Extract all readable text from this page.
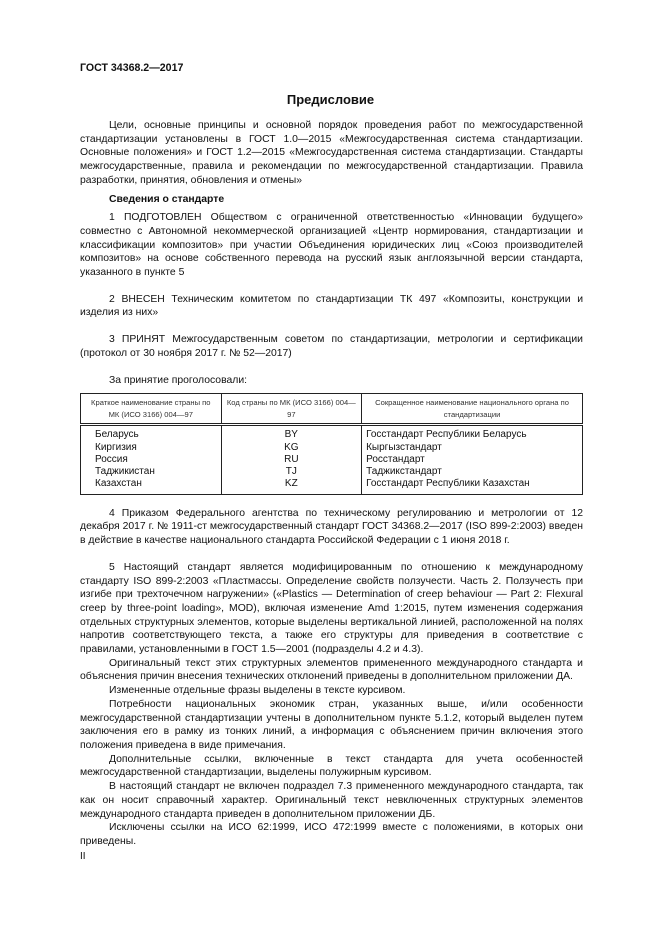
ГОСТ 34368.2—2017
Предисловие

Цели, основные принципы и основной порядок проведения работ по межгосударственной стандартизации установлены в ГОСТ 1.0—2015 «Межгосударственная система стандартизации. Основные положения» и ГОСТ 1.2—2015 «Межгосударственная система стандартизации. Стандарты межгосударственные, правила и рекомендации по межгосударственной стандартизации. Правила разработки, принятия, обновления и отмены»

Сведения о стандарте

1 ПОДГОТОВЛЕН Обществом с ограниченной ответственностью «Инновации будущего» совместно с Автономной некоммерческой организацией «Центр нормирования, стандартизации и классификации композитов» при участии Объединения юридических лиц «Союз производителей композитов» на основе собственного перевода на русский язык англоязычной версии стандарта, указанного в пункте 5

2 ВНЕСЕН Техническим комитетом по стандартизации ТК 497 «Композиты, конструкции и изделия из них»

3 ПРИНЯТ Межгосударственным советом по стандартизации, метрологии и сертификации (протокол от 30 ноября 2017 г. № 52—2017)

За принятие проголосовали:

Краткое наименование страны по МК (ИСО 3166) 004—97	Код страны по МК (ИСО 3166) 004—97	Сокращенное наименование национального органа по стандартизации
Беларусь	BY	Госстандарт Республики Беларусь
Киргизия	KG	Кыргызстандарт
Россия	RU	Росстандарт
Таджикистан	TJ	Таджикстандарт
Казахстан	KZ	Госстандарт Республики Казахстан

4 Приказом Федерального агентства по техническому регулированию и метрологии от 12 декабря 2017 г. № 1911-ст межгосударственный стандарт ГОСТ 34368.2—2017 (ISO 899-2:2003) введен в действие в качестве национального стандарта Российской Федерации с 1 июня 2018 г.

5 Настоящий стандарт является модифицированным по отношению к международному стандарту ISO 899-2:2003 «Пластмассы. Определение свойств ползучести. Часть 2. Ползучесть при изгибе при трехточечном нагружении» («Plastics — Determination of creep behaviour — Part 2: Flexural creep by three-point loading», MOD), включая изменение Amd 1:2015, путем изменения содержания отдельных структурных элементов, которые выделены вертикальной линией, расположенной на полях напротив соответствующего текста, а также его структуры для приведения в соответствие с правилами, установленными в ГОСТ 1.5—2001 (подразделы 4.2 и 4.3).

Оригинальный текст этих структурных элементов примененного международного стандарта и объяснения причин внесения технических отклонений приведены в дополнительном приложении ДА.

Измененные отдельные фразы выделены в тексте курсивом.

Потребности национальных экономик стран, указанных выше, и/или особенности межгосударственной стандартизации учтены в дополнительном пункте 5.1.2, который выделен путем заключения его в рамку из тонких линий, а информация с объяснением причин включения этого положения приведена в виде примечания.

Дополнительные ссылки, включенные в текст стандарта для учета особенностей межгосударственной стандартизации, выделены полужирным курсивом.

В настоящий стандарт не включен подраздел 7.3 примененного международного стандарта, так как он носит справочный характер. Оригинальный текст невключенных структурных элементов международного стандарта приведен в дополнительном приложении ДБ.

Исключены ссылки на ИСО 62:1999, ИСО 472:1999 вместе с положениями, в которых они приведены.

II
